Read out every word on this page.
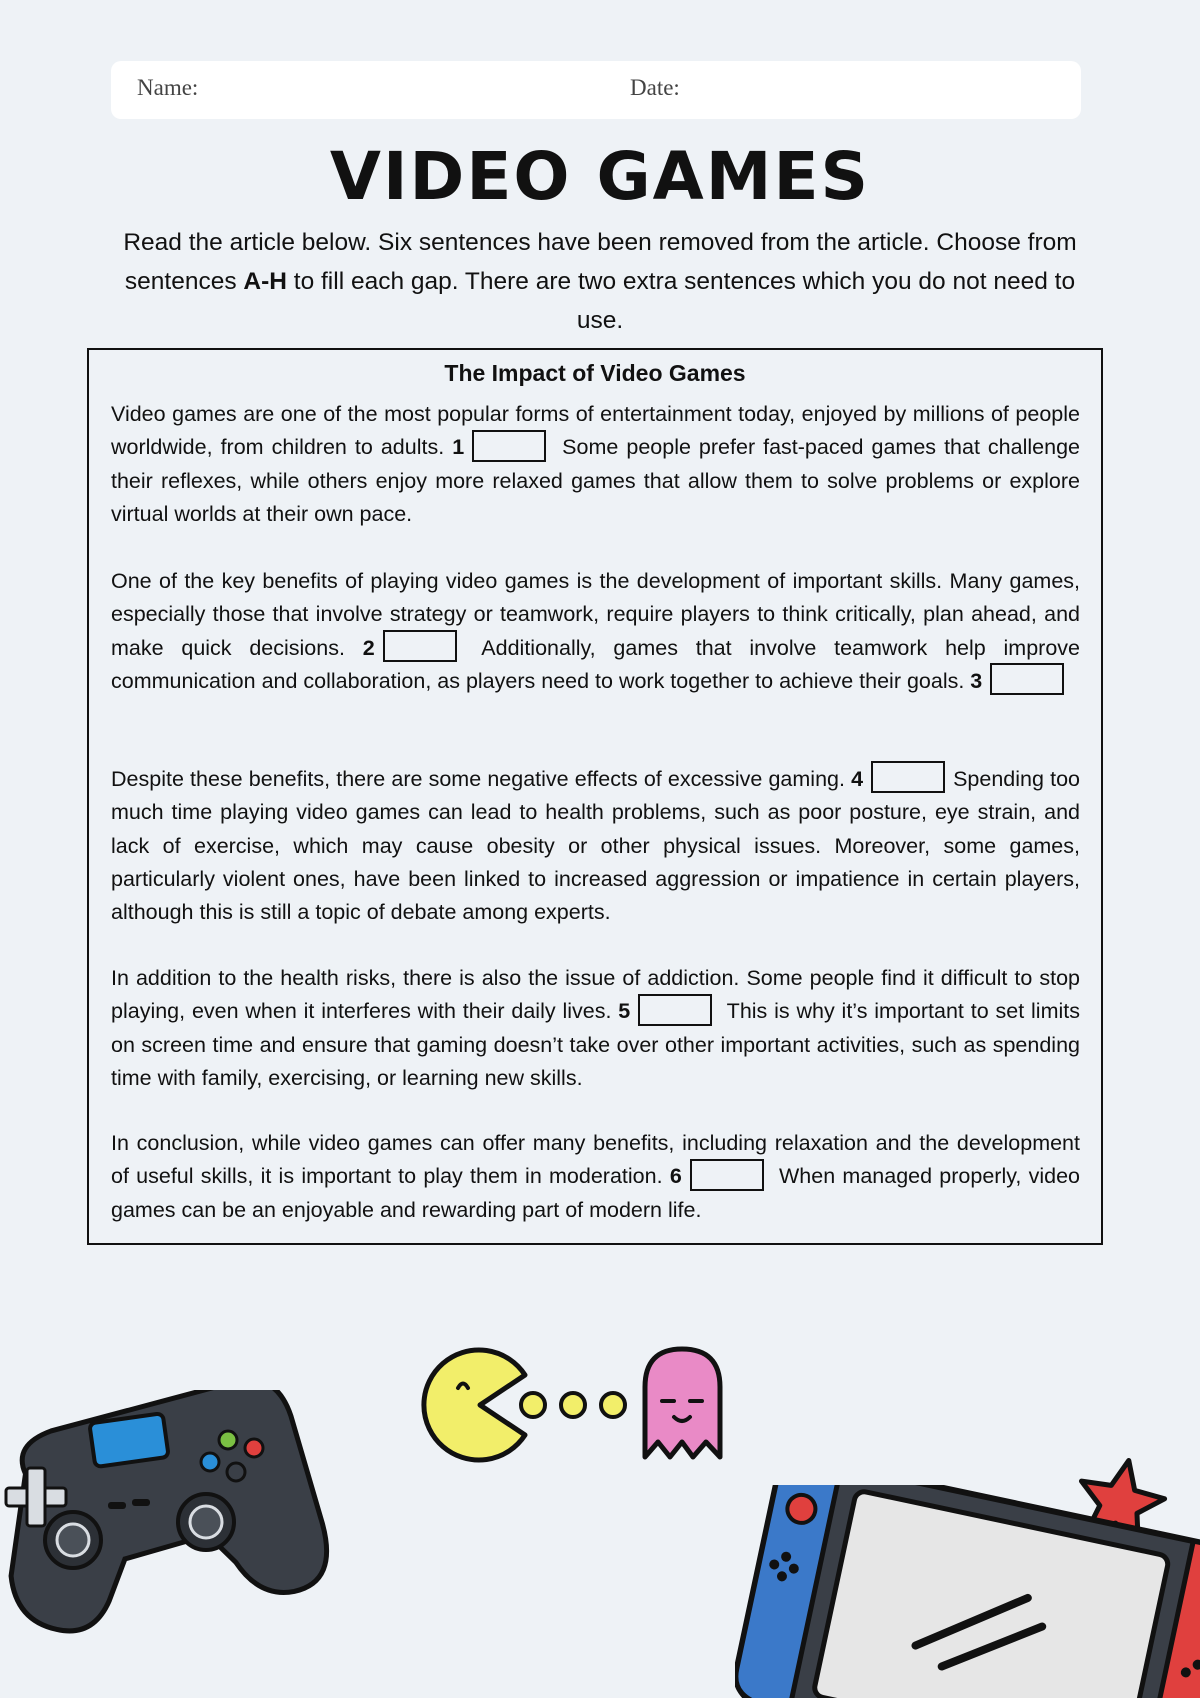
Name:	Date:
VIDEO GAMES
Read the article below. Six sentences have been removed from the article. Choose from sentences A-H to fill each gap. There are two extra sentences which you do not need to use.
The Impact of Video Games
Video games are one of the most popular forms of entertainment today, enjoyed by millions of people worldwide, from children to adults. 1	Some people prefer fast-paced games that challenge their reflexes, while others enjoy more relaxed games that allow them to solve problems or explore virtual worlds at their own pace.
One of the key benefits of playing video games is the development of important skills. Many games, especially those that involve strategy or teamwork, require players to think critically, plan ahead, and make quick decisions. 2	Additionally, games that involve teamwork help improve communication and collaboration, as players need to work together to achieve their goals. 3
Despite these benefits, there are some negative effects of excessive gaming. 4	Spending too much time playing video games can lead to health problems, such as poor posture, eye strain, and lack of exercise, which may cause obesity or other physical issues. Moreover, some games, particularly violent ones, have been linked to increased aggression or impatience in certain players, although this is still a topic of debate among experts.
In addition to the health risks, there is also the issue of addiction. Some people find it difficult to stop playing, even when it interferes with their daily lives. 5	This is why it’s important to set limits on screen time and ensure that gaming doesn’t take over other important activities, such as spending time with family, exercising, or learning new skills.
In conclusion, while video games can offer many benefits, including relaxation and the development of useful skills, it is important to play them in moderation. 6	When managed properly, video games can be an enjoyable and rewarding part of modern life.
